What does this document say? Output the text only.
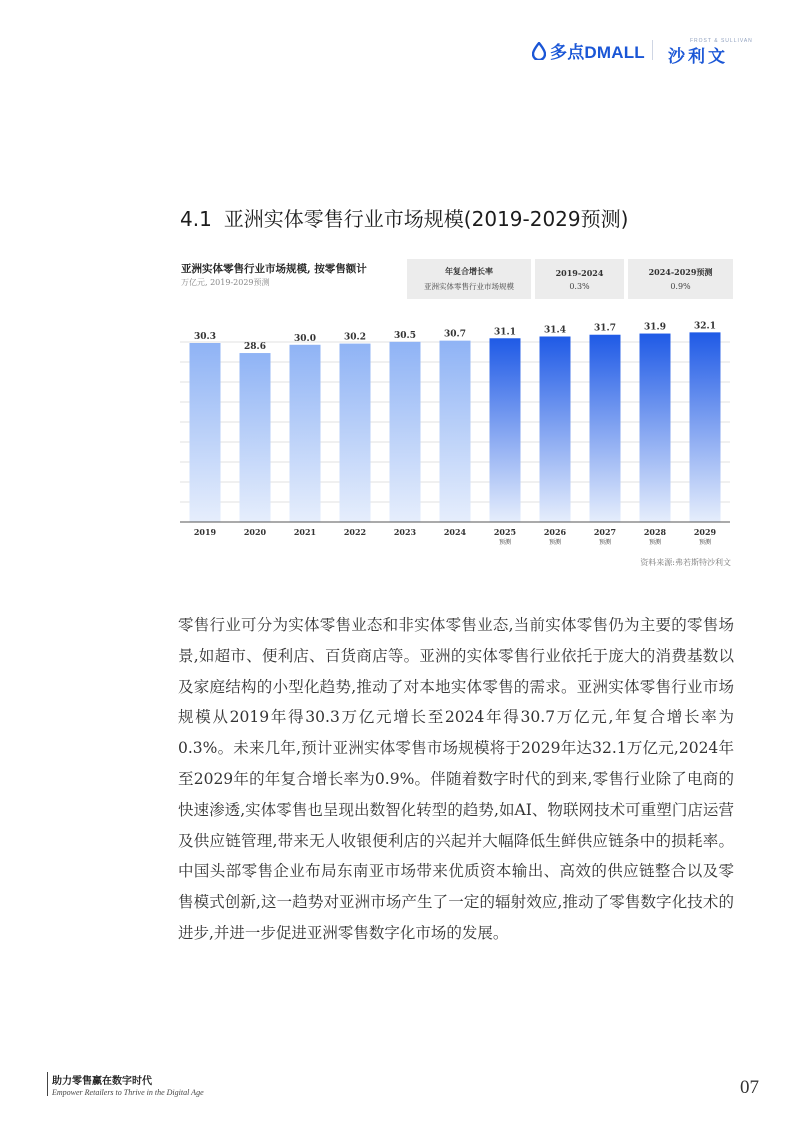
多点DMALL
FROST & SULLIVAN
沙利文
4.1 亚洲实体零售行业市场规模(2019-2029预测)
亚洲实体零售行业市场规模, 按零售额计
万亿元, 2019-2029预测
年复合增长率
亚洲实体零售行业市场规模
2019-2024
0.3%
2024-2029预测
0.9%
30.3
2019
28.6
2020
30.0
2021
30.2
2022
30.5
2023
30.7
2024
31.1
2025
预测
31.4
2026
预测
31.7
2027
预测
31.9
2028
预测
32.1
2029
预测
资料来源:弗若斯特沙利文
零售行业可分为实体零售业态和非实体零售业态,当前实体零售仍为主要的零售场景,如超市、便利店、百货商店等。亚洲的实体零售行业依托于庞大的消费基数以及家庭结构的小型化趋势,推动了对本地实体零售的需求。亚洲实体零售行业市场规模从2019年得30.3万亿元增长至2024年得30.7万亿元,年复合增长率为0.3%。未来几年,预计亚洲实体零售市场规模将于2029年达32.1万亿元,2024年至2029年的年复合增长率为0.9%。伴随着数字时代的到来,零售行业除了电商的快速渗透,实体零售也呈现出数智化转型的趋势,如AI、物联网技术可重塑门店运营及供应链管理,带来无人收银便利店的兴起并大幅降低生鲜供应链条中的损耗率。中国头部零售企业布局东南亚市场带来优质资本输出、高效的供应链整合以及零售模式创新,这一趋势对亚洲市场产生了一定的辐射效应,推动了零售数字化技术的进步,并进一步促进亚洲零售数字化市场的发展。
助力零售赢在数字时代
Empower Retailers to Thrive in the Digital Age	07
